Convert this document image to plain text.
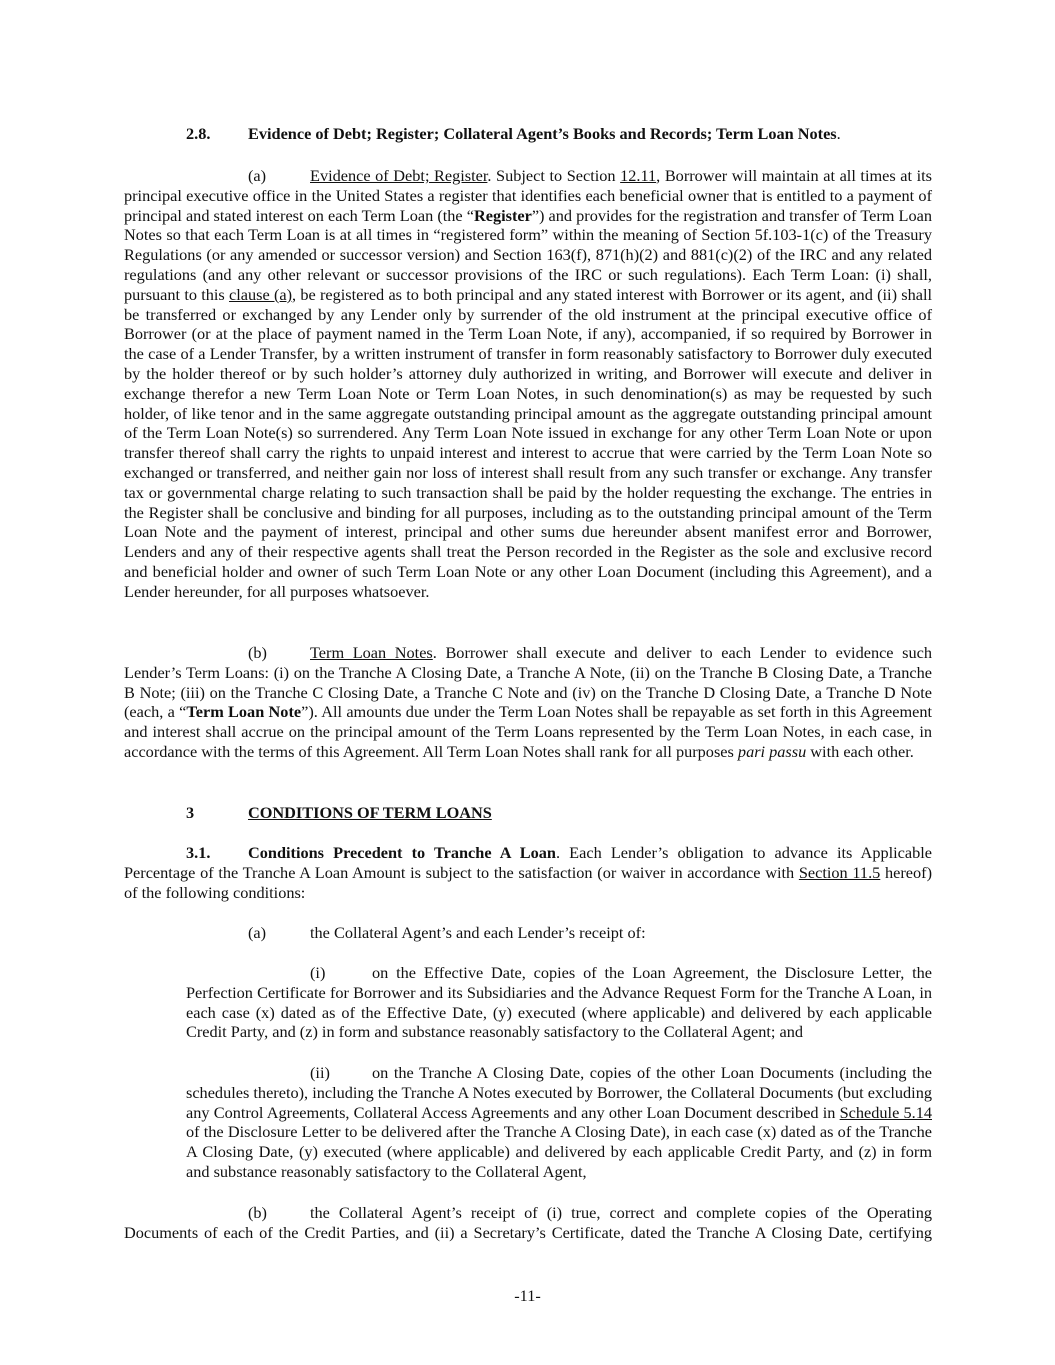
2.8. Evidence of Debt; Register; Collateral Agent’s Books and Records; Term Loan Notes.
(a)	Evidence of Debt; Register. Subject to Section 12.11, Borrower will maintain at all times at its principal executive office in the United States a register that identifies each beneficial owner that is entitled to a payment of principal and stated interest on each Term Loan (the “Register”) and provides for the registration and transfer of Term Loan Notes so that each Term Loan is at all times in “registered form” within the meaning of Section 5f.103-1(c) of the Treasury Regulations (or any amended or successor version) and Section 163(f), 871(h)(2) and 881(c)(2) of the IRC and any related regulations (and any other relevant or successor provisions of the IRC or such regulations). Each Term Loan: (i) shall, pursuant to this clause (a), be registered as to both principal and any stated interest with Borrower or its agent, and (ii) shall be transferred or exchanged by any Lender only by surrender of the old instrument at the principal executive office of Borrower (or at the place of payment named in the Term Loan Note, if any), accompanied, if so required by Borrower in the case of a Lender Transfer, by a written instrument of transfer in form reasonably satisfactory to Borrower duly executed by the holder thereof or by such holder’s attorney duly authorized in writing, and Borrower will execute and deliver in exchange therefor a new Term Loan Note or Term Loan Notes, in such denomination(s) as may be requested by such holder, of like tenor and in the same aggregate outstanding principal amount as the aggregate outstanding principal amount of the Term Loan Note(s) so surrendered. Any Term Loan Note issued in exchange for any other Term Loan Note or upon transfer thereof shall carry the rights to unpaid interest and interest to accrue that were carried by the Term Loan Note so exchanged or transferred, and neither gain nor loss of interest shall result from any such transfer or exchange. Any transfer tax or governmental charge relating to such transaction shall be paid by the holder requesting the exchange. The entries in the Register shall be conclusive and binding for all purposes, including as to the outstanding principal amount of the Term Loan Note and the payment of interest, principal and other sums due hereunder absent manifest error and Borrower, Lenders and any of their respective agents shall treat the Person recorded in the Register as the sole and exclusive record and beneficial holder and owner of such Term Loan Note or any other Loan Document (including this Agreement), and a Lender hereunder, for all purposes whatsoever.
(b)	Term Loan Notes. Borrower shall execute and deliver to each Lender to evidence such Lender’s Term Loans: (i) on the Tranche A Closing Date, a Tranche A Note, (ii) on the Tranche B Closing Date, a Tranche B Note; (iii) on the Tranche C Closing Date, a Tranche C Note and (iv) on the Tranche D Closing Date, a Tranche D Note (each, a “Term Loan Note”). All amounts due under the Term Loan Notes shall be repayable as set forth in this Agreement and interest shall accrue on the principal amount of the Term Loans represented by the Term Loan Notes, in each case, in accordance with the terms of this Agreement. All Term Loan Notes shall rank for all purposes pari passu with each other.
3	CONDITIONS OF TERM LOANS
3.1. Conditions Precedent to Tranche A Loan. Each Lender’s obligation to advance its Applicable Percentage of the Tranche A Loan Amount is subject to the satisfaction (or waiver in accordance with Section 11.5 hereof) of the following conditions:
(a)	the Collateral Agent’s and each Lender’s receipt of:
(i)	on the Effective Date, copies of the Loan Agreement, the Disclosure Letter, the Perfection Certificate for Borrower and its Subsidiaries and the Advance Request Form for the Tranche A Loan, in each case (x) dated as of the Effective Date, (y) executed (where applicable) and delivered by each applicable Credit Party, and (z) in form and substance reasonably satisfactory to the Collateral Agent; and
(ii)	on the Tranche A Closing Date, copies of the other Loan Documents (including the schedules thereto), including the Tranche A Notes executed by Borrower, the Collateral Documents (but excluding any Control Agreements, Collateral Access Agreements and any other Loan Document described in Schedule 5.14 of the Disclosure Letter to be delivered after the Tranche A Closing Date), in each case (x) dated as of the Tranche A Closing Date, (y) executed (where applicable) and delivered by each applicable Credit Party, and (z) in form and substance reasonably satisfactory to the Collateral Agent,
(b)	the Collateral Agent’s receipt of (i) true, correct and complete copies of the Operating Documents of each of the Credit Parties, and (ii) a Secretary’s Certificate, dated the Tranche A Closing Date, certifying
-11-
